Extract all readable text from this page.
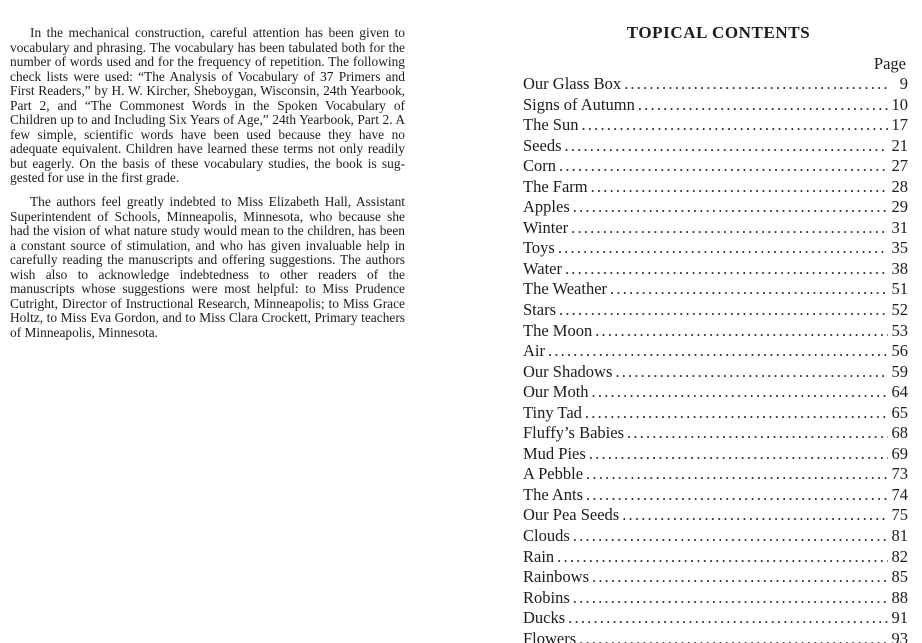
In the mechanical construction, careful attention has been given to vocabulary and phrasing. The vocabulary has been tabulated both for the number of words used and for the frequency of repetition. The following check lists were used: “The Analysis of Vocabulary of 37 Primers and First Readers,” by H. W. Kircher, Sheboygan, Wisconsin, 24th Yearbook, Part 2, and “The Commonest Words in the Spoken Vocabulary of Children up to and Including Six Years of Age,” 24th Yearbook, Part 2. A few simple, scientific words have been used because they have no adequate equivalent. Children have learned these terms not only readily but eagerly. On the basis of these vocabulary studies, the book is suggested for use in the first grade.

The authors feel greatly indebted to Miss Elizabeth Hall, Assistant Superintendent of Schools, Minneapolis, Minnesota, who because she had the vision of what nature study would mean to the children, has been a constant source of stimulation, and who has given invaluable help in carefully reading the manuscripts and offering suggestions. The authors wish also to acknowledge indebtedness to other readers of the manuscripts whose suggestions were most helpful: to Miss Prudence Cutright, Director of Instructional Research, Minneapolis; to Miss Grace Holtz, to Miss Eva Gordon, and to Miss Clara Crockett, Primary teachers of Minneapolis, Minnesota.

TOPICAL CONTENTS
Page
Our Glass Box .....	9
Signs of Autumn .....	10
The Sun .....	17
Seeds .....	21
Corn .....	27
The Farm .....	28
Apples .....	29
Winter .....	31
Toys .....	35
Water .....	38
The Weather .....	51
Stars .....	52
The Moon .....	53
Air .....	56
Our Shadows .....	59
Our Moth .....	64
Tiny Tad .....	65
Fluffy’s Babies .....	68
Mud Pies .....	69
A Pebble .....	73
The Ants .....	74
Our Pea Seeds .....	75
Clouds .....	81
Rain .....	82
Rainbows .....	85
Robins .....	88
Ducks .....	91
Flowers .....	93
